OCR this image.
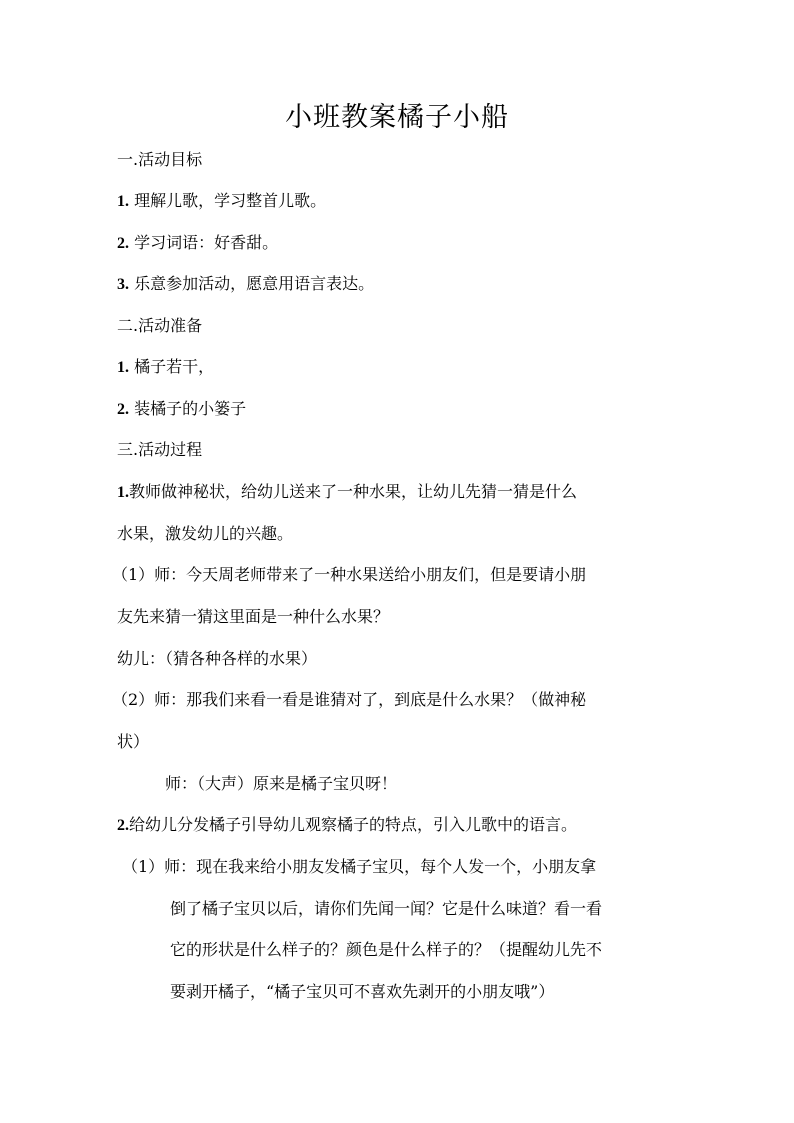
小班教案橘子小船
一.活动目标
1. 理解儿歌，学习整首儿歌。
2. 学习词语：好香甜。
3. 乐意参加活动，愿意用语言表达。
二.活动准备
1. 橘子若干，
2. 装橘子的小篓子
三.活动过程
1.教师做神秘状，给幼儿送来了一种水果，让幼儿先猜一猜是什么
水果，激发幼儿的兴趣。
（1）师：今天周老师带来了一种水果送给小朋友们，但是要请小朋
友先来猜一猜这里面是一种什么水果？
幼儿：（猜各种各样的水果）
（2）师：那我们来看一看是谁猜对了，到底是什么水果？（做神秘
状）
师：（大声）原来是橘子宝贝呀！
2.给幼儿分发橘子引导幼儿观察橘子的特点，引入儿歌中的语言。
（1）师：现在我来给小朋友发橘子宝贝，每个人发一个，小朋友拿
倒了橘子宝贝以后，请你们先闻一闻？它是什么味道？看一看
它的形状是什么样子的？颜色是什么样子的？（提醒幼儿先不
要剥开橘子，“橘子宝贝可不喜欢先剥开的小朋友哦”）
